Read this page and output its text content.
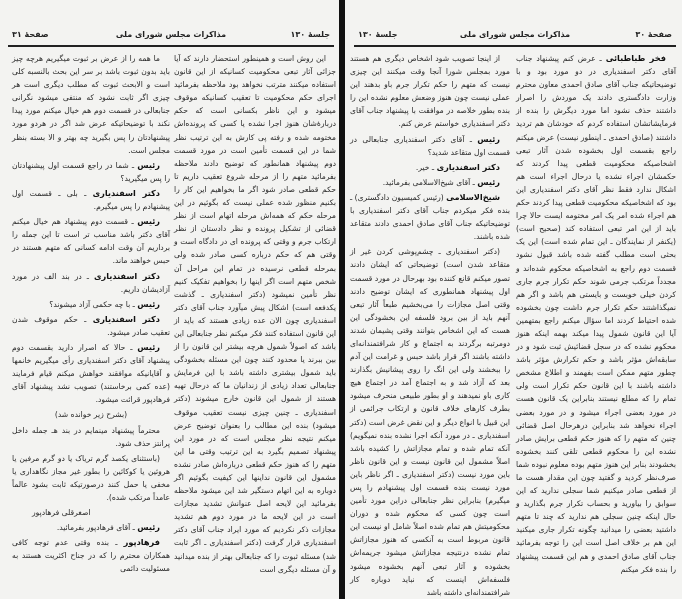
جلسهٔ ۱۳۰
مذاکرات مجلس شورای ملی
صفحهٔ ۳۱

این روش است و همینطور استحضار دارند که آیا جزائی آثار تبعی محکومیت کسانیکه از این قانون استفاده میکنند مترتب نخواهد بود ملاحظه بفرمائید اجرای حکم محکومیت تا تعقیب کسانیکه موقوف میشود و این ناظر بکسانی است که حکم دربارهٔ‌شان هنوز اجرا نشده یا کسی که پرونده‌اش مختومه شده و رفته پی کارش به این ترتیب نظر شما در این قسمت تأمین است در مورد قسمت دوم پیشنهاد همانطور که توضیح دادند ملاحظه بفرمائید متهم را از مرحله شروع تعقیب داریم تا حکم قطعی صادر شود اگر ما بخواهیم این کار را بکنیم منظور شده عملی نیست که بگوئیم در این مرحله حکم که همه‌اش مرحله اتهام است از نظر قضائی از تشکیل پرونده و نظر دادستان از نظر ارتکاب جرم و وقتی که پرونده ای در دادگاه است و وقتی هم که حکم درباره کسی صادر شده ولی بمرحله قطعی نرسیده در تمام این مراحل آن شخص متهم است اگر اینها را بخواهیم تفکیک کنیم نظر تأمین نمیشود (دکتر اسفندیاری ـ گذشت یکدفعه است) اشکال پیش میآورد جناب آقای دکتر اسفندیاری چون الان عده زیادی هستند که باید از این قانون استفاده کنند فکر میکنم نظر جنابعالی این باشد که اصولاً شمول هرچه بیشتر این قانون را از بین ببرند یا محدود کنند چون این مسئله بخشودگی باید شمول بیشتری داشته باشد با این فرمایش جنابعالی تعداد زیادی از زندانیان ما که درحال تهیه هستند از شمول این قانون خارج میشوند (دکتر اسفندیاری ـ چنین چیزی نیست تعقیب موقوف میشود) بنده این مطالب را بعنوان توضیح عرض میکنم نتیجه نظر مجلس است که در مورد این پیشنهاد تصمیم بگیرد به این ترتیب وقتی ما این متهم را که هنوز حکم قطعی درباره‌اش صادر نشده مشمول این قانون نداینها این کیفیت بگوئیم اگر دوباره به این اتهام دستگیر شد این میشود ملاحظه بفرمائید این لایحه اصل عنوانش تشدید مجازات است در این لایحه ما در مورد دوم هم تشدید مجازات ذکر نکردیم که مورد ایراد جناب آقای دکتر اسفندیاری قرار گرفت (دکتر اسفندیاری ـ اگر ثابت شد) مسئله ثبوت را که جنابعالی بهتر از بنده میدانید و آن مسئله دیگری است

ما همه را از عرض بر ثبوت میگیریم هرچه چیز باید بدون ثبوت باشد بر سر این بحث بالنسبه کلی است و الابحث ثبوت که مطلب دیگری است هر چیزی اگر ثابت نشود که منتفی میشود نگرانی جنابعالی در قسمت دوم هم خیال میکنم مورد پیدا نکند با توضیحاتیکه عرض شد اگر در هردو مورد پیشنهادتان را پس بگیرید چه بهتر و الا بسته بنظر مجلس است.

رئیس ـ شما در راجع قسمت اول پیشنهادتان را پس میگیرید؟

دکتر اسفندیاری ـ بلی ـ قسمت اول پیشنهادم را پس میگیرم.

رئیس ـ قسمت دوم پیشنهاد هم خیال میکنم آقای دکتر باشد مناسب تر است تا این جمله را برداریم آن وقت ادامه کسانی که متهم هستند در حبس خواهند ماند.

دکتر اسفندیاری ـ در بند الف در مورد آزادیشان داریم.

رئیس ـ با چه حکمی آزاد میشوند؟

دکتر اسفندیاری ـ حکم موقوف شدن تعقیب صادر میشود.

رئیس ـ حالا که اصرار دارید بقسمت دوم پیشنهاد آقای دکتر اسفندیاری رأی میگیریم خانمها و آقایانیکه موافقند خواهش میکنم قیام فرمایند (عده کمی برخاستند) تصویب نشد پیشنهاد آقای فرهادپور قرائت میشود.

(بشرح زیر خوانده شد)

محترماً پیشنهاد مینمایم در بند هـ جمله داخل پرانتز حذف شود.

(باستثنای یکصد گرم تریاک یا دو گرم مرفین یا هروئین یا کوکائین را بطور غیر مجاز نگاهداری یا مخفی یا حمل کنند درصورتیکه ثابت بشود عالماً عامداً مرتکب شده).

اصغرقلی فرهادپور

رئیس ـ آقای فرهادپور بفرمائید.

فرهادپور ـ بنده وقتی عدم توجه کافی همکاران محترم را که در جناح اکثریت هستند به مسئولیت دائمی

صفحهٔ ۳۰
مذاکرات مجلس شورای ملی
جلسهٔ ۱۳۰

فخر طباطبائی ـ عرض کنم پیشنهاد جناب آقای دکتر اسفندیاری در دو مورد بود و با توضیحاتیکه جناب آقای صادق احمدی معاون محترم وزارت دادگستری دادند یک موردش را اصرار داشتند حذف نشود اما مورد دیگرش را بنده از فرمایشاتشان استفاده کردم که خودشان هم تردید داشتند (صادق احمدی ـ اینطور نیست) عرض میکنم راجع بقسمت اول بخشوده شدن آثار تبعی اشخاصیکه محکومیت قطعی پیدا کردند که حکمشان اجراء نشده یا درحال اجراء است هم اشکال ندارد فقط نظر آقای دکتر اسفندیاری این بود که اشخاصیکه محکومیت قطعی پیدا کردند حکم هم اجراء شده امر یک امر مختومه ایست حالا چرا باید از این امر تبعی استفاده کند (صحیح است) (یکنفر از نمایندگان ـ این تمام شده است) این یک بحثی است مطلب گفته شده باشد قبول نشود قسمت دوم راجع به اشخاصیکه محکوم شده‌اند و مجدداً مرتکب جرمی شوند حکم تکرار جرم جاری کردن خیلی خوبست و بایستی هم باشد و اگر هم نمیگذاشتند حکم تکرار جرم داشت چون بخشوده شده احتیاط کردند اما سؤال میکنم راجع بمتهمین آیا این قانون شمول پیدا میکند بهمه اینکه هنوز محکوم نشده که در سجل قضائیش ثبت شود و در سابقه‌اش مؤثر باشد و حکم تکرارش مؤثر باشد چطور متهم ممکن است بفهمند و اطلاع مشخص داشته باشند با این قانون حکم تکرار است ولی تمام را که مطلع نیستند بنابراین یک قانون هست در مورد بعضی اجراء میشود و در مورد بعضی اجراء نخواهد شد بنابراین درهرحال اصل قضائی چنین که متهم را که هنوز حکم قطعی برایش صادر نشده این را محکوم قطعی تلقی کنند بخشوده بخشودند بنابر این هنوز متهم بوده معلوم نبوده شما صرف‌نظر کردید و گفتید چون این مقدار هست ما از قطعی صادر میکنیم شما سجلی ندارید که این سوابق را بیاورید و بحساب تکرار جرم بگذارید و حال اینکه چنین سجلی هم ندارید که چند تا متهم داشتید بعضی را میدانید چگونه تکرار جاری میکنید این هم بر خلاف اصل است این را توجه بفرمائید جناب آقای صادق احمدی و هم این قسمت پیشنهاد را بنده فکر میکنم

از اینجا تصویب شود اشخاص دیگری هم هستند مورد بمجلس شورا آنجا وقت میکنند این چیزی نیست که متهم را حکم تکرار جرم باو بدهند این عملی نیست چون هنوز وضعش معلوم نشده این را بنده بطور خلاصه در موافقت با پیشنهاد جناب آقای دکتر اسفندیاری خواستم عرض کنم.

رئیس ـ آقای دکتر اسفندیاری جنابعالی در قسمت اول متقاعد شدید؟

دکتر اسفندیاری ـ خیر.

رئیس ـ آقای شیخ‌الاسلامی بفرمائید.

شیخ‌الاسلامی (رئیس کمیسیون دادگستری) ـ بنده فکر میکردم جناب آقای دکتر اسفندیاری با توضیحاتیکه جناب آقای صادق احمدی دادند متقاعد شده باشند.

(دکتر اسفندیاری ـ چشم‌پوشی کردن غیر از متقاعد شدن است) توضیحاتی که ایشان دادند تصور میکنم قانع کننده بود بهرحال در مورد قسمت اول پیشنهاد همانطوری که ایشان توضیح دادند وقتی اصل مجازات را می‌بخشیم طبعاً آثار تبعی آنهم باید از بین برود فلسفه این بخشودگی این هست که این اشخاص بتوانند وقتی پشیمان شدند دومرتبه برگردند به اجتماع و کار شرافتمندانه‌ای داشته باشند اگر قرار باشد حبس و غرامت این آدم را ببخشند ولی این انگ را روی پیشانیش بگذارند بعد که آزاد شد و به اجتماع آمد در اجتماع هیچ کاری باو نمیدهند و او بطور طبیعی منحرف میشود بطرف کارهای خلاف قانون و ارتکاب جرائمی از این قبیل با انواع دیگر و این نقض غرض است (دکتر اسفندیاری ـ در مورد آنکه اجرا نشده بنده نمیگویم) آنکه تمام شده و تمام مجازاتش را کشیده باشد اصلاً مشمول این قانون نیست و این قانون ناظر باین مورد نیست (دکتر اسفندیاری ـ اگر ناظر باین مورد نیست بنده قسمت اول پیشنهادم را پس میگیرم) بنابراین نظر جنابعالی دراین مورد تأمین است چون کسی که محکوم شده و دوران محکومیتش هم تمام شده اصلاً شامل او نیست این قانون مربوط است به آنکسی که هنوز مجازاتش تمام نشده درنتیجه مجازاتش میشود جریمه‌اش بخشوده و آثار تبعی آنهم بخشوده میشود فلسفه‌اش اینست که نباید دوباره کار شرافتمندانه‌ای داشته باشد
